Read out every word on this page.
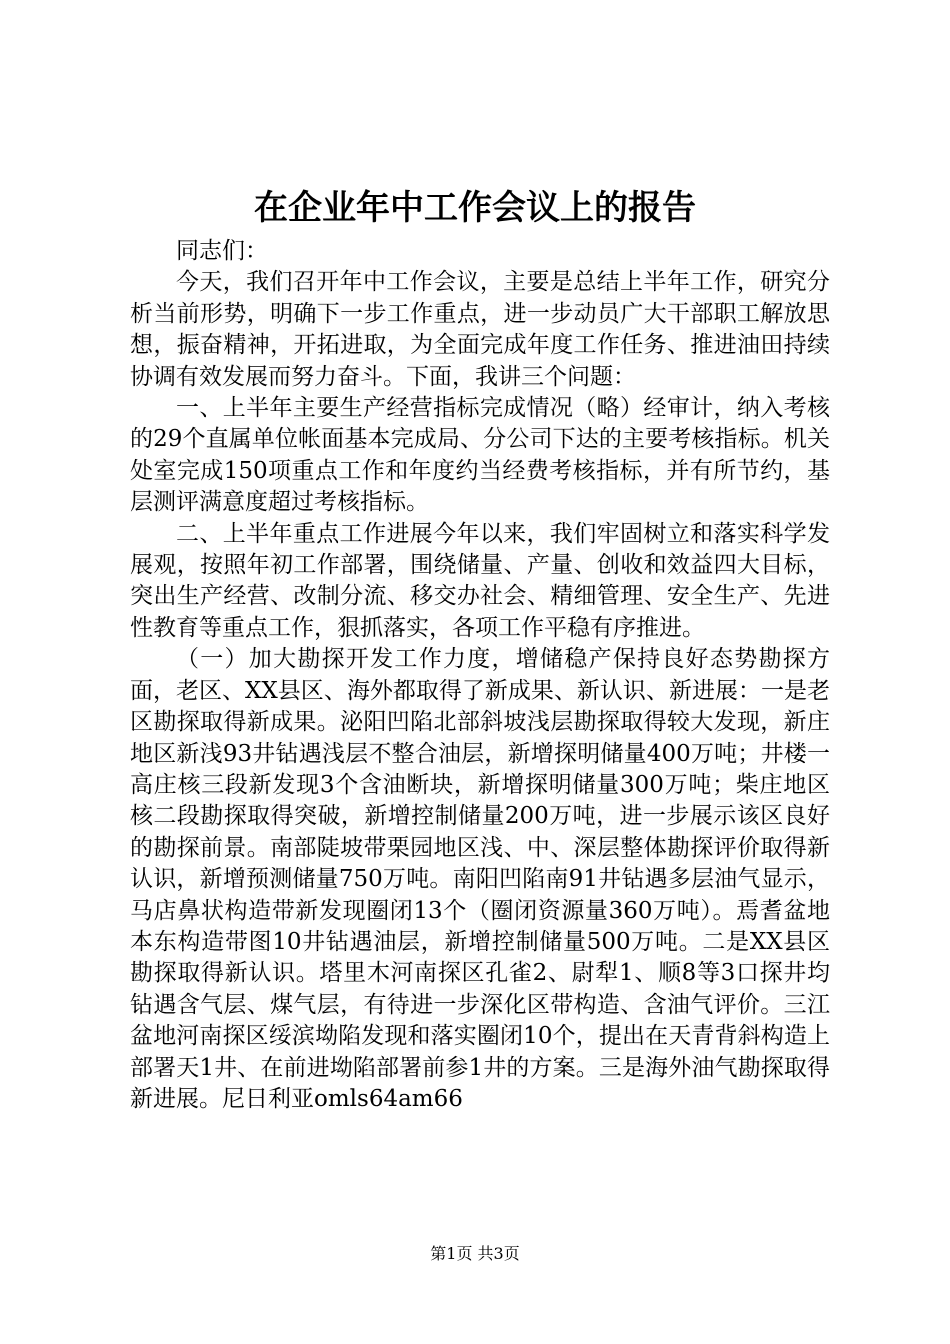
在企业年中工作会议上的报告

同志们：

今天，我们召开年中工作会议，主要是总结上半年工作，研究分析当前形势，明确下一步工作重点，进一步动员广大干部职工解放思想，振奋精神，开拓进取，为全面完成年度工作任务、推进油田持续协调有效发展而努力奋斗。下面，我讲三个问题：

一、上半年主要生产经营指标完成情况（略）经审计，纳入考核的29个直属单位帐面基本完成局、分公司下达的主要考核指标。机关处室完成150项重点工作和年度约当经费考核指标，并有所节约，基层测评满意度超过考核指标。

二、上半年重点工作进展今年以来，我们牢固树立和落实科学发展观，按照年初工作部署，围绕储量、产量、创收和效益四大目标，突出生产经营、改制分流、移交办社会、精细管理、安全生产、先进性教育等重点工作，狠抓落实，各项工作平稳有序推进。

（一）加大勘探开发工作力度，增储稳产保持良好态势勘探方面，老区、XX县区、海外都取得了新成果、新认识、新进展：一是老区勘探取得新成果。泌阳凹陷北部斜坡浅层勘探取得较大发现，新庄地区新浅93井钻遇浅层不整合油层，新增探明储量400万吨；井楼一高庄核三段新发现3个含油断块，新增探明储量300万吨；柴庄地区核二段勘探取得突破，新增控制储量200万吨，进一步展示该区良好的勘探前景。南部陡坡带栗园地区浅、中、深层整体勘探评价取得新认识，新增预测储量750万吨。南阳凹陷南91井钻遇多层油气显示，马店鼻状构造带新发现圈闭13个（圈闭资源量360万吨）。焉耆盆地本东构造带图10井钻遇油层，新增控制储量500万吨。二是XX县区勘探取得新认识。塔里木河南探区孔雀2、尉犁1、顺8等3口探井均钻遇含气层、煤气层，有待进一步深化区带构造、含油气评价。三江盆地河南探区绥滨坳陷发现和落实圈闭10个，提出在天青背斜构造上部署天1井、在前进坳陷部署前参1井的方案。三是海外油气勘探取得新进展。尼日利亚omls64am66

第1页 共3页
